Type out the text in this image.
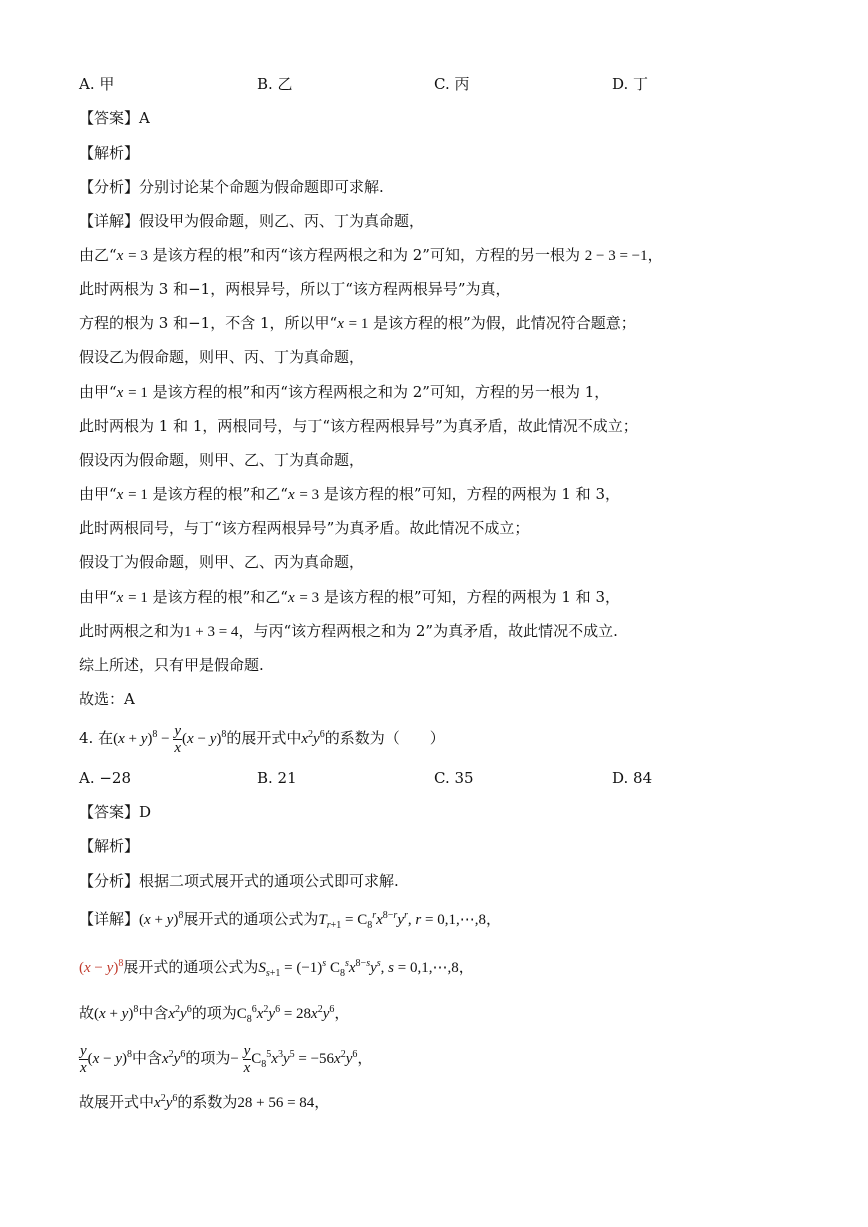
A. 甲	B. 乙	C. 丙	D. 丁
【答案】A
【解析】
【分析】分别讨论某个命题为假命题即可求解.
【详解】假设甲为假命题，则乙、丙、丁为真命题，
由乙“x = 3 是该方程的根”和丙“该方程两根之和为 2”可知，方程的另一根为 2 − 3 = −1，
此时两根为 3 和−1，两根异号，所以丁“该方程两根异号”为真，
方程的根为 3 和−1，不含 1，所以甲“x = 1 是该方程的根”为假，此情况符合题意；
假设乙为假命题，则甲、丙、丁为真命题，
由甲“x = 1 是该方程的根”和丙“该方程两根之和为 2”可知，方程的另一根为 1，
此时两根为 1 和 1，两根同号，与丁“该方程两根异号”为真矛盾，故此情况不成立；
假设丙为假命题，则甲、乙、丁为真命题，
由甲“x = 1 是该方程的根”和乙“x = 3 是该方程的根”可知，方程的两根为 1 和 3，
此时两根同号，与丁“该方程两根异号”为真矛盾。故此情况不成立；
假设丁为假命题，则甲、乙、丙为真命题，
由甲“x = 1 是该方程的根”和乙“x = 3 是该方程的根”可知，方程的两根为 1 和 3，
此时两根之和为1 + 3 = 4，与丙“该方程两根之和为 2”为真矛盾，故此情况不成立.
综上所述，只有甲是假命题.
故选：A
4. 在$(x + y)^8 - \frac{y}{x} (x - y)^8$的展开式中$x^2y^6$的系数为（　　）
A. −28	B. 21	C. 35	D. 84
【答案】D
【解析】
【分析】根据二项式展开式的通项公式即可求解.
【详解】$(x + y)^8$展开式的通项公式为$T_{r+1} = C_8^rx^{8-r}y^r$, r = 0,1,⋯,8，
$(x - y)^8$展开式的通项公式为$S_{s+1} = (-1)^s$ $C_8^sx^{8-s}y^s$, s = 0,1,⋯,8，
故$(x + y)^8$中含$x^2y^6$的项为$C_8^6x^2y^6 = 28x^2y^6$，
$\frac{y}{x} (x - y)^8$中含$x^2y^6$的项为− $\frac{y}{x} C_8^5x^3y^5 = -56x^2y^6$，
故展开式中$x^2y^6$的系数为28 + 56 = 84，
